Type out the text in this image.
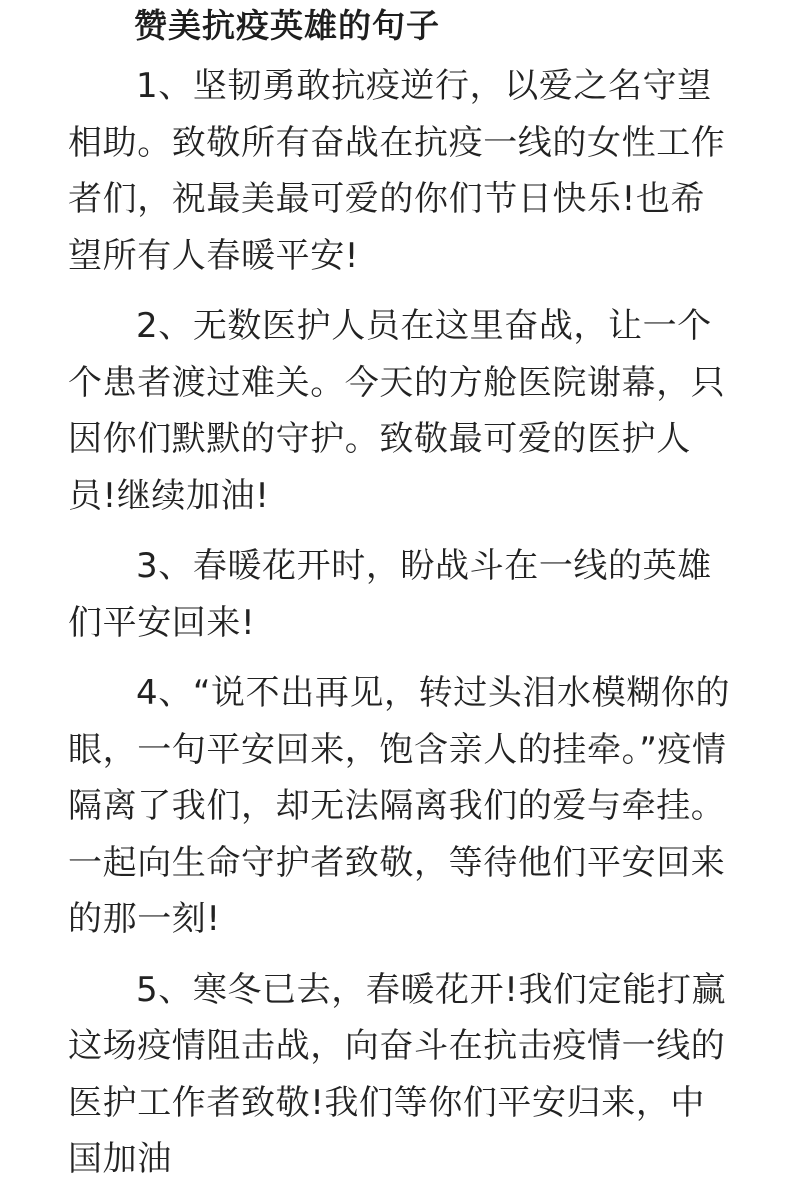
赞美抗疫英雄的句子

1、坚韧勇敢抗疫逆行，以爱之名守望相助。致敬所有奋战在抗疫一线的女性工作者们，祝最美最可爱的你们节日快乐!也希望所有人春暖平安!

2、无数医护人员在这里奋战，让一个个患者渡过难关。今天的方舱医院谢幕，只因你们默默的守护。致敬最可爱的医护人员!继续加油!

3、春暖花开时，盼战斗在一线的英雄们平安回来!

4、“说不出再见，转过头泪水模糊你的眼，一句平安回来，饱含亲人的挂牵。”疫情隔离了我们，却无法隔离我们的爱与牵挂。一起向生命守护者致敬，等待他们平安回来的那一刻!

5、寒冬已去，春暖花开!我们定能打赢这场疫情阻击战，向奋斗在抗击疫情一线的医护工作者致敬!我们等你们平安归来，中国加油
